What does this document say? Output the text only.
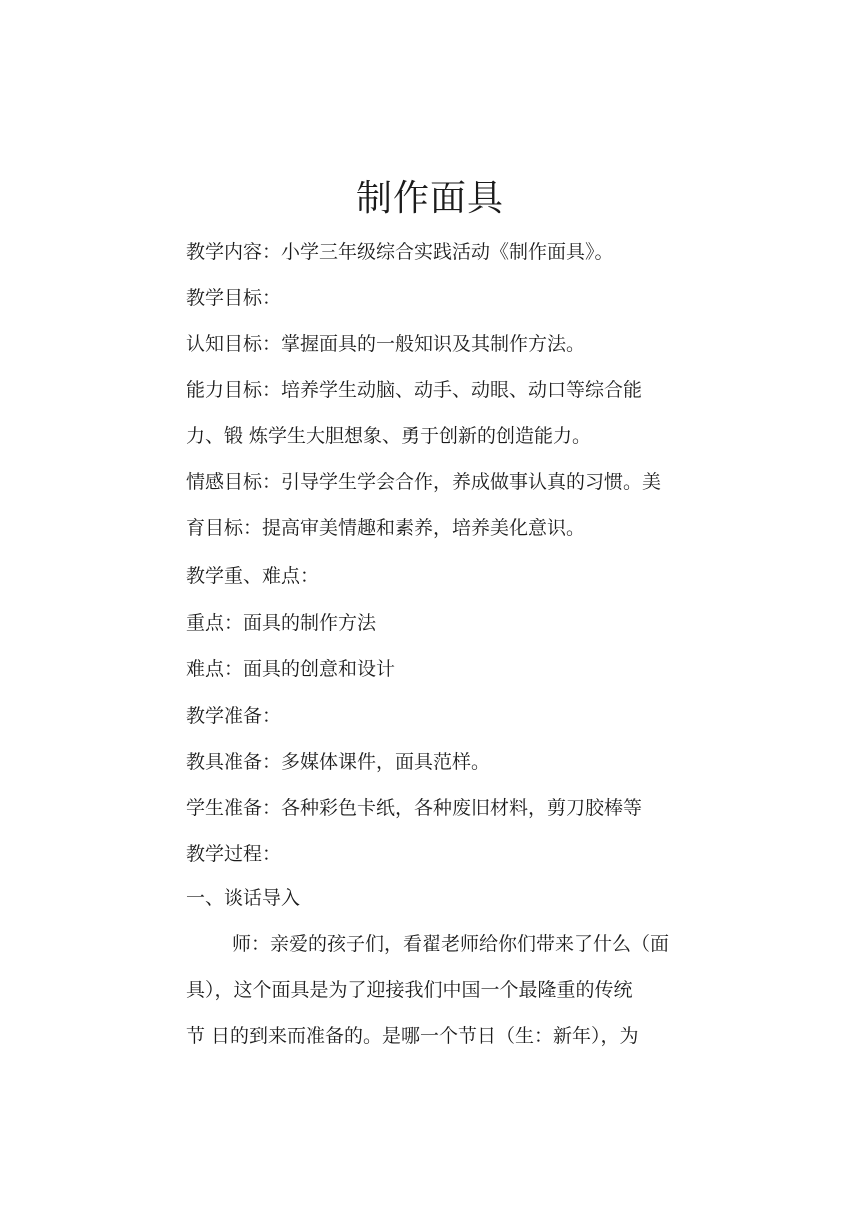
制作面具
教学内容：小学三年级综合实践活动《制作面具》。
教学目标：
认知目标：掌握面具的一般知识及其制作方法。
能力目标：培养学生动脑、动手、动眼、动口等综合能
力、锻 炼学生大胆想象、勇于创新的创造能力。
情感目标：引导学生学会合作，养成做事认真的习惯。美
育目标：提高审美情趣和素养，培养美化意识。
教学重、难点：
重点：面具的制作方法
难点：面具的创意和设计
教学准备：
教具准备：多媒体课件，面具范样。
学生准备：各种彩色卡纸，各种废旧材料，剪刀胶棒等
教学过程：
一、谈话导入
师：亲爱的孩子们，看翟老师给你们带来了什么（面
具），这个面具是为了迎接我们中国一个最隆重的传统
节 日的到来而准备的。是哪一个节日（生：新年），为
